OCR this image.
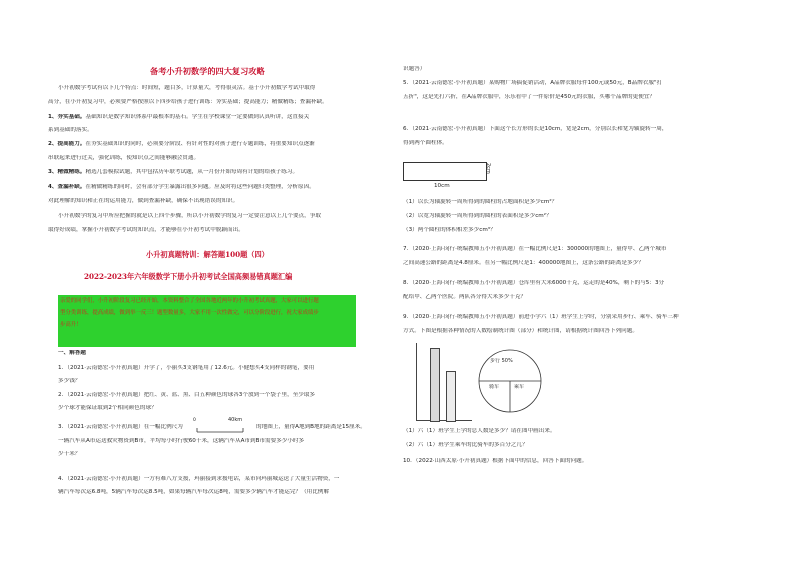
备考小升初数学的四大复习攻略
小升初数学考试有以下几个特点：时间短，题目多，计算量大，考得很灵活。基于小升初数学考试中取得
高分，在小升初复习中，必须要严格按照以下四步给孩子进行训练：夯实基础；提高能力；精做精练；查漏补缺。
1、夯实基础。基础知识是数学知识体系中最根本的基石。学生在学校课堂一定要做到认真听讲，这直接关
系到基础的落实。
2、提高能力。在夯实基础知识的同时，必须要分阶段、有针对性的对孩子进行专题训练，将重要知识点逐渐
串联起来进行过关，强化训练，使知识点之间能够融会贯通。
3、精做精练。精选几套模拟试题，其中包括历年联考试题，从一月份开始每周有计划的给孩子练习。
4、查漏补缺。在精做精练的同时，会有部分学生暴露出很多问题。应及时将这些问题归类整理，分析原因。
对此理解的知识和正在的运用能力，做到查漏补缺，确保不出现错误的知识。
小升初数学的复习中所应把握的就是以上四个步骤，所以小升初数学的复习一定要注意以上几个要点，争取
取得好成绩，掌握小升初数学考试的知识点，才能够在小升初考试中脱颖而出。
小升初真题特训：解答题100题（四）
2022-2023年六年级数学下册小升初考试全国高频易错真题汇编
亲爱的同学们，小升初阶段复习已经开始，本资料整合了全国各地近两年的小升初考试真题，大家可以进行题
型分类训练，提高成绩，做到举一反三！题型数量多，大家不用一次性做完，可以分阶段进行，祝大家成绩步
步高升！
一、解答题
1．（2021·云南德宏·小升初真题）开学了，小丽买3支钢笔用了12.6元。小健想买4支同样的钢笔，要用
多少钱？
2．（2021·云南德宏·小升初真题）把红、黄、蓝、黑、白五种颜色的球各3个放到一个袋子里，至少取多
少个球才能保证取到2个相同颜色的球？
3．（2021·云南德宏·小升初真题）在一幅比例尺为
0	40km
的地图上，量得A地到B地的距离是15厘米。
一辆汽车从A市运送救灾物资到B市，平均每小时行驶60千米，这辆汽车从A市到B市需要多少小时多
少千米？
4．（2021·云南德宏·小升初真题）一方有难八方支援，玛丽接到求援电话，某市向玛丽城运送了大量生活物资，一
辆汽车每次运6.8吨，5辆汽车每次运8.5吨，如果每辆汽车每次运8吨，需要多少辆汽车才能运完？（用比例解
识题答）
5．（2021·云南德宏·小升初真题）某购物广场搞促销活动，A品牌衣服每件100元或50元，B品牌衣服"打
五折"，这是先打六折，在A品牌衣服中，乐乐看中了一件原价是450元的衣服，买哪个品牌的更便宜？
6．（2021·云南德宏·小升初真题）下面这个长方形的长是10cm，宽是2cm，分别以长和宽为轴旋转一周，
得到两个圆柱体。
10cm
2cm
（1）以长为轴旋转一周所得到的圆柱的占地面积是多少cm²？
（2）以宽为轴旋转一周所得到的圆柱的表面积是多少cm²？
（3）两个圆柱的体积相差多少cm³？
7．（2020·上海·闵行·统编教师五小升初真题）在一幅比例尺是1：300000的地图上，量得甲、乙两个城市
之间高速公路的距离是4.8厘米。在另一幅比例尺是1：400000地图上，这条公路的距离是多少？
8．（2020·上海·闵行·统编教师五小升初真题）仓库里有大米6000千克，运走的是40%，剩下的与5：3分
配给甲、乙两个医院。两队各分得大米多少千克？
9．（2020·上海·闵行·统编教师五小升初真题）前进小学六（1）班学生上学时，分别采用步行、乘车、骑车三种
方式。下图是根据各种情况的人数绘制统计图（部分）和统计图，请根据统计图回答下列问题。
步行 50%
骑车	乘车
（1）六（1）班学生上学的总人数是多少？请在图中画出来。
（2）六（1）班学生乘车的比骑车的多百分之几？
10．（2022·山西太原·小升初真题）根据下面中的信息，回答下面的问题。
